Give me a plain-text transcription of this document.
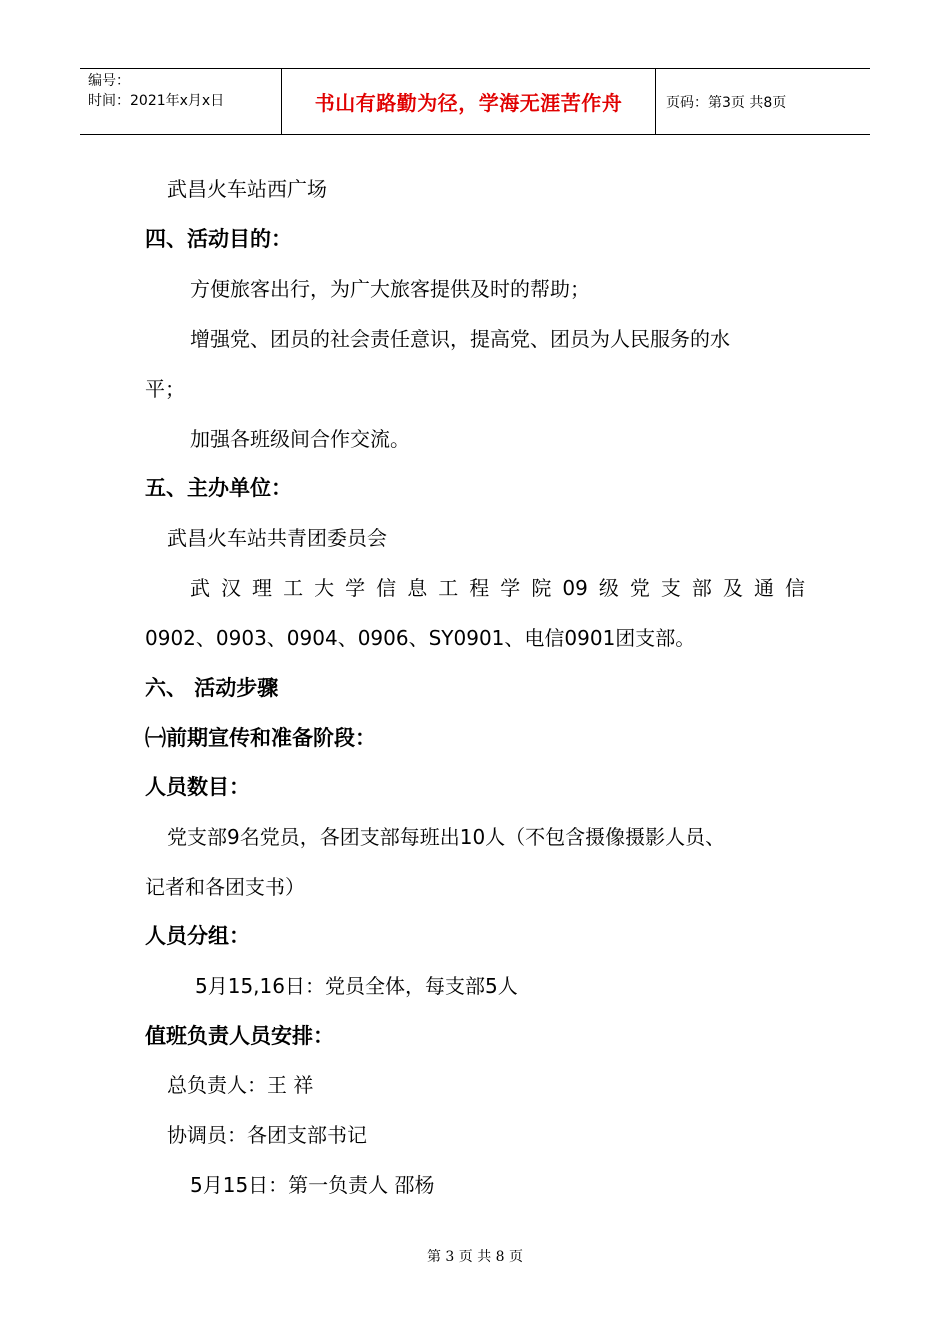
编号：
时间：2021年x月x日	书山有路勤为径，学海无涯苦作舟	页码：第3页 共8页
武昌火车站西广场
四、活动目的：
方便旅客出行，为广大旅客提供及时的帮助；
增强党、团员的社会责任意识，提高党、团员为人民服务的水
平；
加强各班级间合作交流。
五、主办单位：
武昌火车站共青团委员会
武汉理工大学信息工程学院09级党支部及通信
0902、0903、0904、0906、SY0901、电信0901团支部。
六、 活动步骤
㈠前期宣传和准备阶段：
人员数目：
党支部9名党员，各团支部每班出10人（不包含摄像摄影人员、
记者和各团支书）
人员分组：
5月15,16日：党员全体，每支部5人
值班负责人员安排：
总负责人：王 祥
协调员：各团支部书记
5月15日：第一负责人 邵杨
第 3 页 共 8 页
